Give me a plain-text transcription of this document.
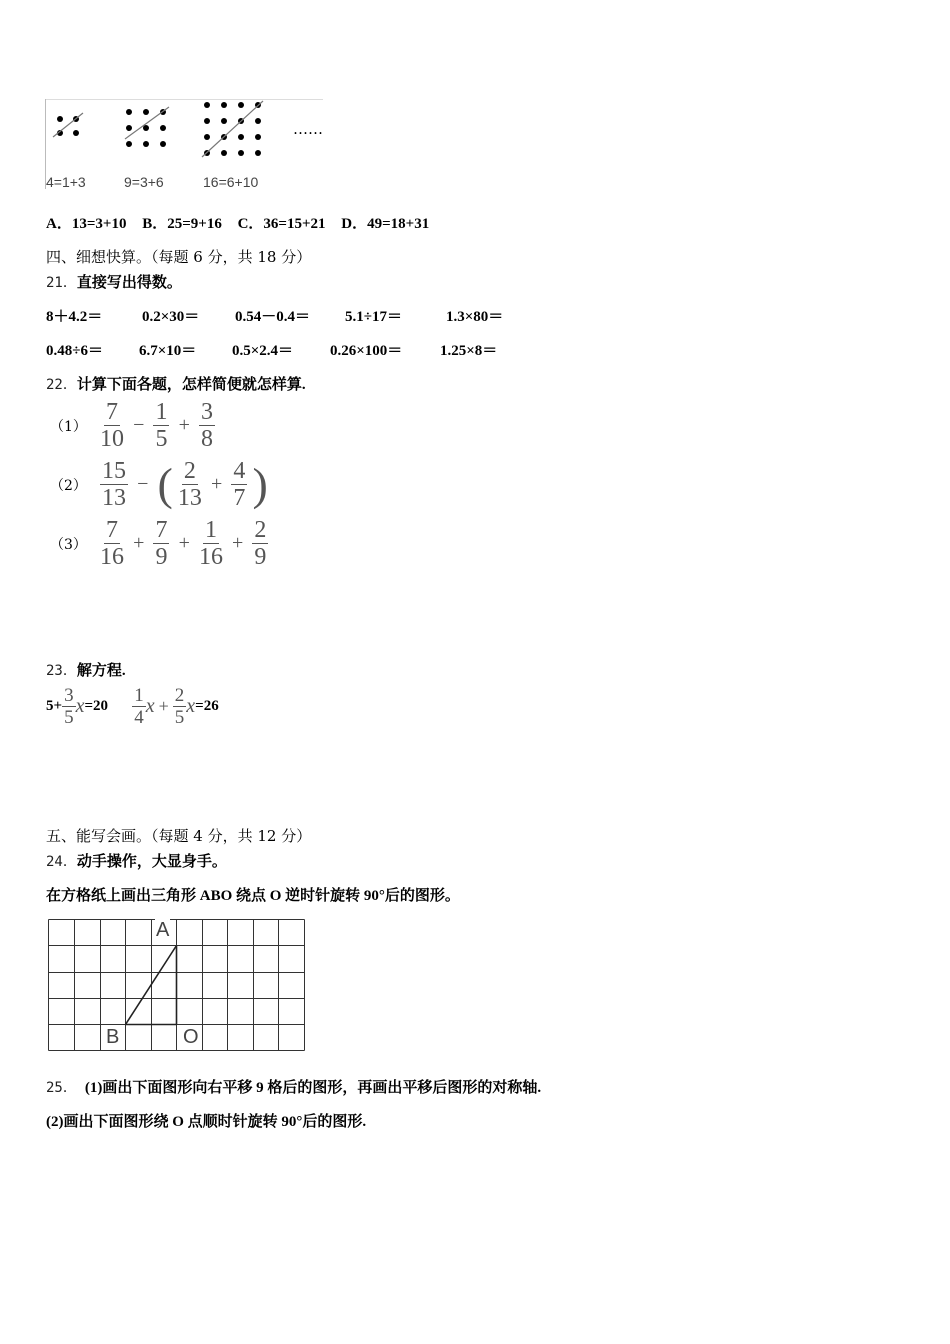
4=1+3	9=3+6	16=6+10
……
A．13=3+10 B．25=9+16 C．36=15+21 D．49=18+31
四、细想快算。（每题 6 分，共 18 分）
21．直接写出得数。
8＋4.2＝	0.2×30＝ 0.54－0.4＝ 5.1÷17＝	1.3×80＝
0.48÷6＝ 6.7×10＝ 0.5×2.4＝ 0.26×100＝	1.25×8＝
22．计算下面各题，怎样简便就怎样算.
$(1) \frac{7}{10} - \frac{1}{5} + \frac{3}{8}$
$(2) \frac{15}{13}$ − ( $\frac{2}{13} + \frac{4}{7}$ )
$(3) \frac{7}{16} + \frac{7}{9} + \frac{1}{16} + \frac{2}{9}$
23．解方程.
$5+ \frac{3}{5} x=20 \frac{1}{4}$ $x + \frac{2}{5} x=26$
五、能写会画。（每题 4 分，共 12 分）
24．动手操作，大显身手。
在方格纸上画出三角形 ABO 绕点 O 逆时针旋转 90°后的图形。
A
B	O
25． (1)画出下面图形向右平移 9 格后的图形，再画出平移后图形的对称轴.
(2)画出下面图形绕 O 点顺时针旋转 90°后的图形.
